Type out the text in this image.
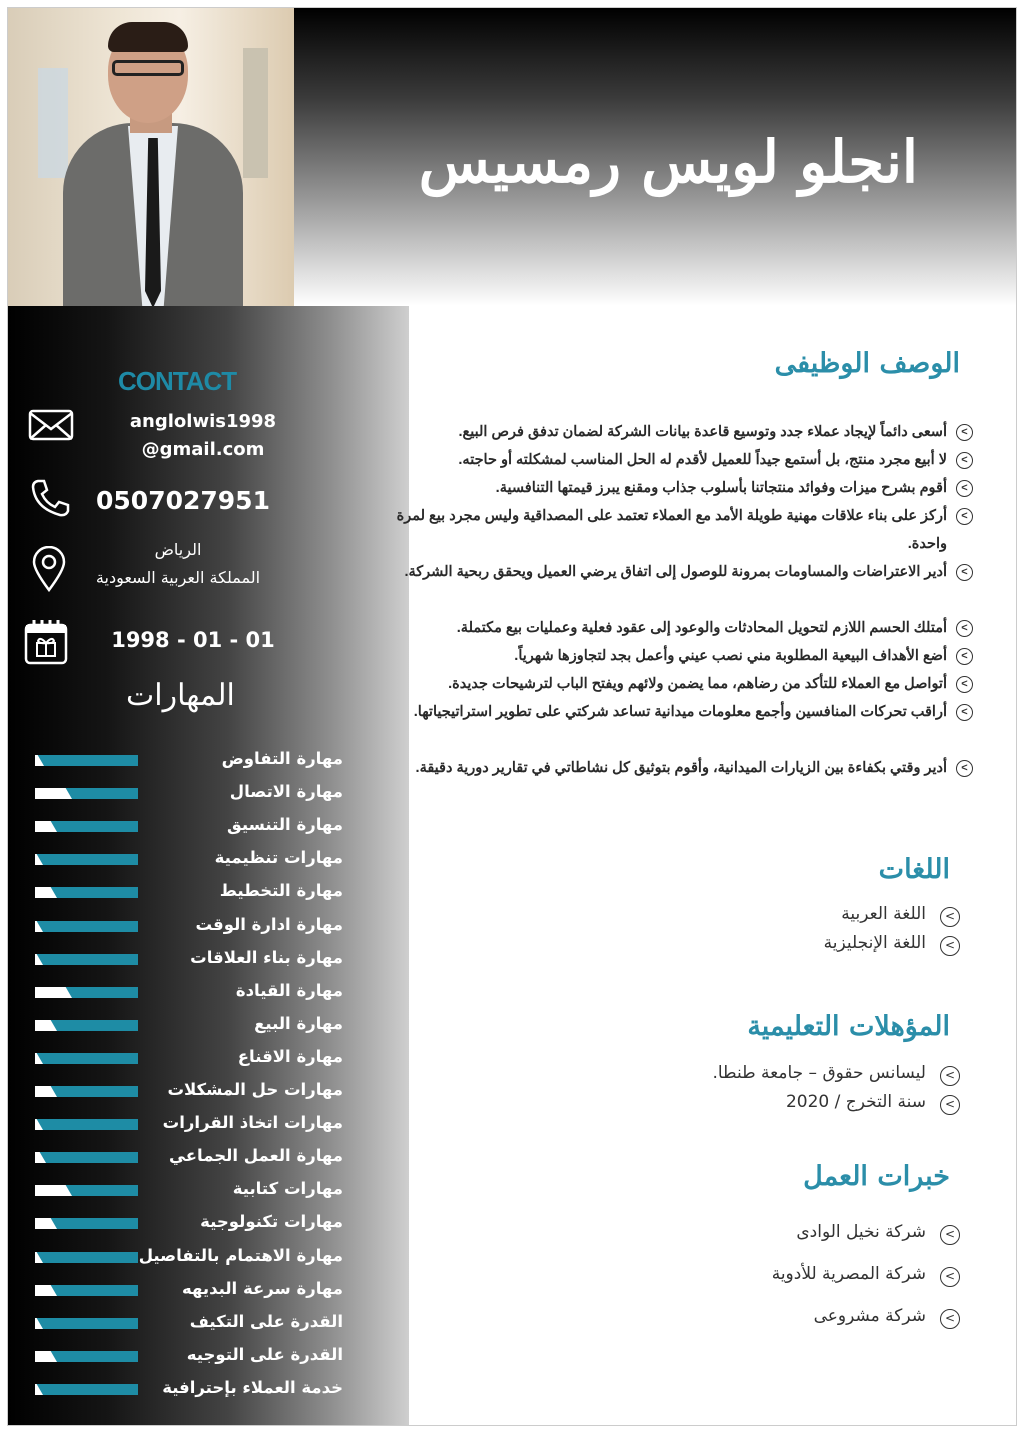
انجلو لويس رمسيس
CONTACT
anglolwis1998
@gmail.com
0507027951
الرياض
المملكة العربية السعودية
1998 - 01 - 01
المهارات
مهارة التفاوض
مهارة الاتصال
مهارة التنسيق
مهارات تنظيمية
مهارة التخطيط
مهارة ادارة الوقت
مهارة بناء العلاقات
مهارة القيادة
مهارة البيع
مهارة الاقناع
مهارات حل المشكلات
مهارات اتخاذ القرارات
مهارة العمل الجماعي
مهارات كتابية
مهارات تكنولوجية
مهارة الاهتمام بالتفاصيل
مهارة سرعة البديهه
القدرة على التكيف
القدرة على التوجيه
خدمة العملاء بإحترافية
الوصف الوظيفى
<
أسعى دائماً لإيجاد عملاء جدد وتوسيع قاعدة بيانات الشركة لضمان تدفق فرص البيع.
<
لا أبيع مجرد منتج، بل أستمع جيداً للعميل لأقدم له الحل المناسب لمشكلته أو حاجته.
<
أقوم بشرح ميزات وفوائد منتجاتنا بأسلوب جذاب ومقنع يبرز قيمتها التنافسية.
<
أركز على بناء علاقات مهنية طويلة الأمد مع العملاء تعتمد على المصداقية وليس مجرد بيع لمرة واحدة.
<
أدير الاعتراضات والمساومات بمرونة للوصول إلى اتفاق يرضي العميل ويحقق ربحية الشركة.
<
أمتلك الحسم اللازم لتحويل المحادثات والوعود إلى عقود فعلية وعمليات بيع مكتملة.
<
أضع الأهداف البيعية المطلوبة مني نصب عيني وأعمل بجد لتجاوزها شهرياً.
<
أتواصل مع العملاء للتأكد من رضاهم، مما يضمن ولائهم ويفتح الباب لترشيحات جديدة.
<
أراقب تحركات المنافسين وأجمع معلومات ميدانية تساعد شركتي على تطوير استراتيجياتها.
<
أدير وقتي بكفاءة بين الزيارات الميدانية، وأقوم بتوثيق كل نشاطاتي في تقارير دورية دقيقة.
اللغات
<
اللغة العربية
<
اللغة الإنجليزية
المؤهلات التعليمية
<
ليسانس حقوق – جامعة طنطا.
<
سنة التخرج / 2020
خبرات العمل
<
شركة نخيل الوادى
<
شركة المصرية للأدوية
<
شركة مشروعى
